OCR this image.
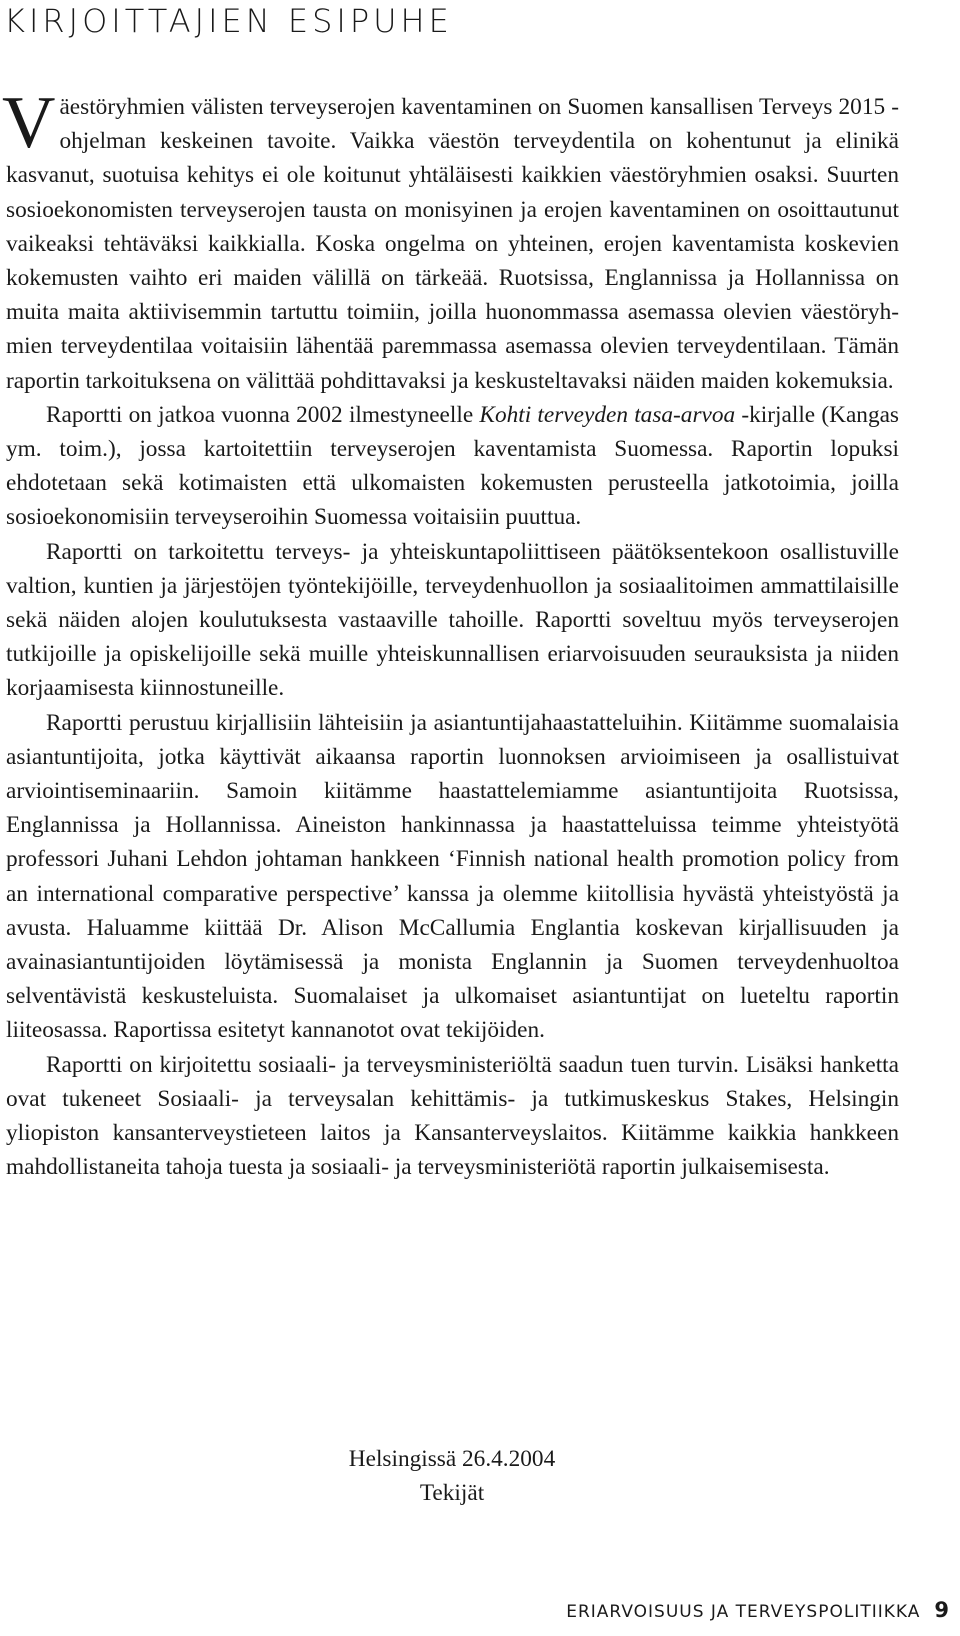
KIRJOITTAJIEN ESIPUHE

Väestöryhmien välisten terveyserojen kaventaminen on Suomen kansallisen Terveys 2015 -ohjelman keskeinen tavoite. Vaikka väestön terveydentila on kohentunut ja elinikä kasvanut, suotuisa kehitys ei ole koitunut yhtäläisesti kaikkien väestöryhmien osaksi. Suurten sosioekonomisten terveyserojen tausta on monisyinen ja erojen kaventaminen on osoittautunut vaikeaksi tehtäväksi kaikkialla. Koska ongelma on yhteinen, erojen kaventamista koskevien kokemusten vaihto eri maiden välillä on tärkeää. Ruotsissa, Englannissa ja Hollannissa on muita maita aktiivisemmin tartuttu toimiin, joilla huonommassa asemassa olevien väestöryhmien terveydentilaa voitaisiin lähentää paremmassa asemassa olevien terveydentilaan. Tämän raportin tarkoituksena on välittää pohdittavaksi ja keskusteltavaksi näiden maiden kokemuksia.

Raportti on jatkoa vuonna 2002 ilmestyneelle Kohti terveyden tasa-arvoa -kirjalle (Kangas ym. toim.), jossa kartoitettiin terveyserojen kaventamista Suomessa. Raportin lopuksi ehdotetaan sekä kotimaisten että ulkomaisten kokemusten perusteella jatkotoimia, joilla sosioekonomisiin terveyseroihin Suomessa voitaisiin puuttua.

Raportti on tarkoitettu terveys- ja yhteiskuntapoliittiseen päätöksentekoon osallistuville valtion, kuntien ja järjestöjen työntekijöille, terveydenhuollon ja sosiaalitoimen ammattilaisille sekä näiden alojen koulutuksesta vastaaville tahoille. Raportti soveltuu myös terveyserojen tutkijoille ja opiskelijoille sekä muille yhteiskunnallisen eriarvoisuuden seurauksista ja niiden korjaamisesta kiinnostuneille.

Raportti perustuu kirjallisiin lähteisiin ja asiantuntijahaastatteluihin. Kiitämme suomalaisia asiantuntijoita, jotka käyttivät aikaansa raportin luonnoksen arvioimiseen ja osallistuivat arviointiseminaariin. Samoin kiitämme haastattelemiamme asiantuntijoita Ruotsissa, Englannissa ja Hollannissa. Aineiston hankinnassa ja haastatteluissa teimme yhteistyötä professori Juhani Lehdon johtaman hankkeen ‘Finnish national health promotion policy from an international comparative perspective’ kanssa ja olemme kiitollisia hyvästä yhteistyöstä ja avusta. Haluamme kiittää Dr. Alison McCallumia Englantia koskevan kirjallisuuden ja avainasiantuntijoiden löytämisessä ja monista Englannin ja Suomen terveydenhuoltoa selventävistä keskusteluista. Suomalaiset ja ulkomaiset asiantuntijat on lueteltu raportin liiteosassa. Raportissa esitetyt kannanotot ovat tekijöiden.

Raportti on kirjoitettu sosiaali- ja terveysministeriöltä saadun tuen turvin. Lisäksi hanketta ovat tukeneet Sosiaali- ja terveysalan kehittämis- ja tutkimuskeskus Stakes, Helsingin yliopiston kansanterveystieteen laitos ja Kansanterveyslaitos. Kiitämme kaikkia hankkeen mahdollistaneita tahoja tuesta ja sosiaali- ja terveysministeriötä raportin julkaisemisesta.

Helsingissä 26.4.2004
Tekijät
ERIARVOISUUS JA TERVEYSPOLITIIKKA 9
